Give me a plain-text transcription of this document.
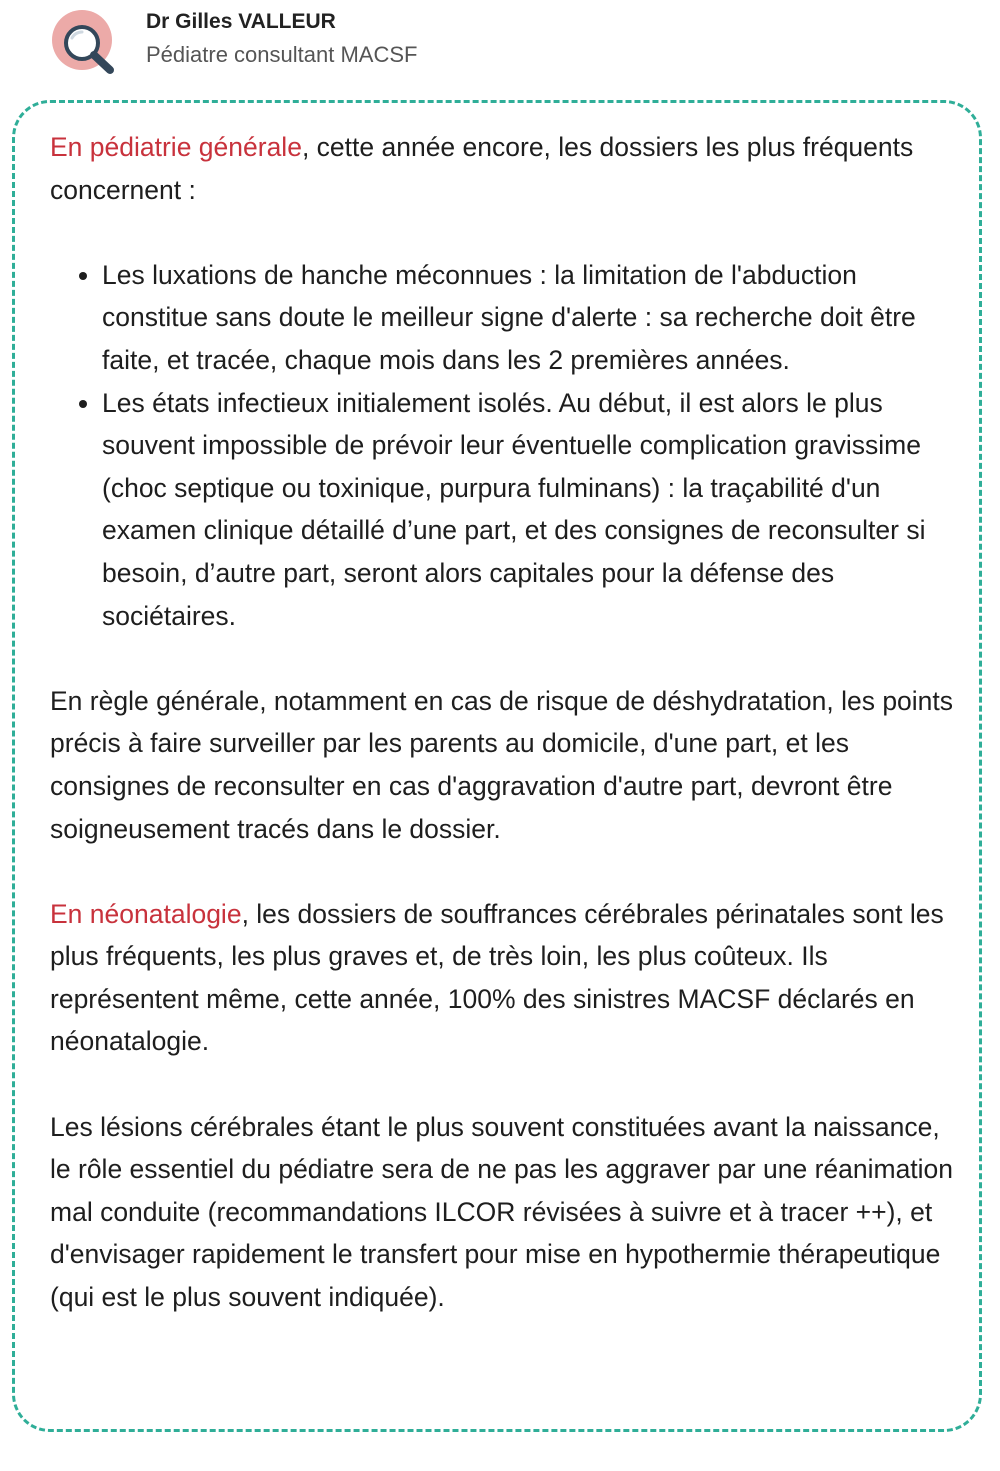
Dr Gilles VALLEUR
Pédiatre consultant MACSF

En pédiatrie générale, cette année encore, les dossiers les plus fréquents concernent :

• Les luxations de hanche méconnues : la limitation de l'abduction constitue sans doute le meilleur signe d'alerte : sa recherche doit être faite, et tracée, chaque mois dans les 2 premières années.
• Les états infectieux initialement isolés. Au début, il est alors le plus souvent impossible de prévoir leur éventuelle complication gravissime (choc septique ou toxinique, purpura fulminans) : la traçabilité d'un examen clinique détaillé d’une part, et des consignes de reconsulter si besoin, d’autre part, seront alors capitales pour la défense des sociétaires.

En règle générale, notamment en cas de risque de déshydratation, les points précis à faire surveiller par les parents au domicile, d'une part, et les consignes de reconsulter en cas d'aggravation d'autre part, devront être soigneusement tracés dans le dossier.

En néonatalogie, les dossiers de souffrances cérébrales périnatales sont les plus fréquents, les plus graves et, de très loin, les plus coûteux. Ils représentent même, cette année, 100% des sinistres MACSF déclarés en néonatalogie.

Les lésions cérébrales étant le plus souvent constituées avant la naissance, le rôle essentiel du pédiatre sera de ne pas les aggraver par une réanimation mal conduite (recommandations ILCOR révisées à suivre et à tracer ++), et d'envisager rapidement le transfert pour mise en hypothermie thérapeutique (qui est le plus souvent indiquée).
